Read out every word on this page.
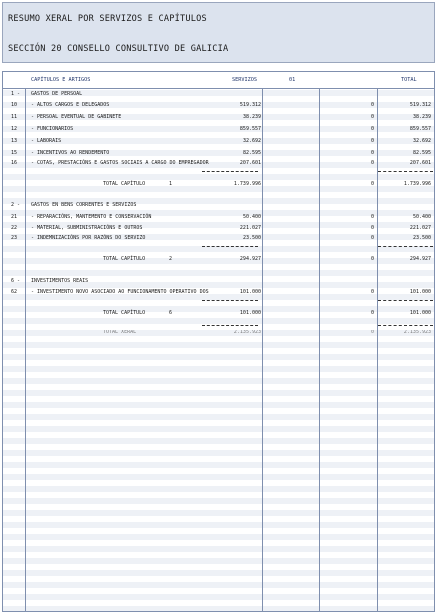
RESUMO XERAL POR SERVIZOS E CAPÍTULOS
SECCIÓN 20 CONSELLO CONSULTIVO DE GALICIA
CAPÍTULOS E ARTIGOS	SERVIZOS	01	TOTAL
1 - GASTOS DE PERSOAL
10	- ALTOS CARGOS E DELEGADOS	519.312	0	519.312
11	- PERSOAL EVENTUAL DE GABINETE	38.239	0	38.239
12	- FUNCIONARIOS	859.557	0	859.557
13	- LABORAIS	32.692	0	32.692
15	- INCENTIVOS AO RENDEMENTO	82.595	0	82.595
16	- COTAS, PRESTACIÓNS E GASTOS SOCIAIS A CARGO DO EMPREGADOR	207.601	0	207.601
TOTAL CAPÍTULO	1	1.739.996	0	1.739.996
2 - GASTOS EN BENS CORRENTES E SERVIZOS
21	- REPARACIÓNS, MANTEMENTO E CONSERVACIÓN	50.400	0	50.400
22	- MATERIAL, SUBMINISTRACIÓNS E OUTROS	221.027	0	221.027
23	- INDEMNIZACIÓNS POR RAZÓNS DO SERVIZO	23.500	0	23.500
TOTAL CAPÍTULO	2	294.927	0	294.927
6 - INVESTIMENTOS REAIS
62	- INVESTIMENTO NOVO ASOCIADO AO FUNCIONAMENTO OPERATIVO DOS	101.000	0	101.000
TOTAL CAPÍTULO	6	101.000	0	101.000
TOTAL XERAL	2.135.923	0	2.135.923
